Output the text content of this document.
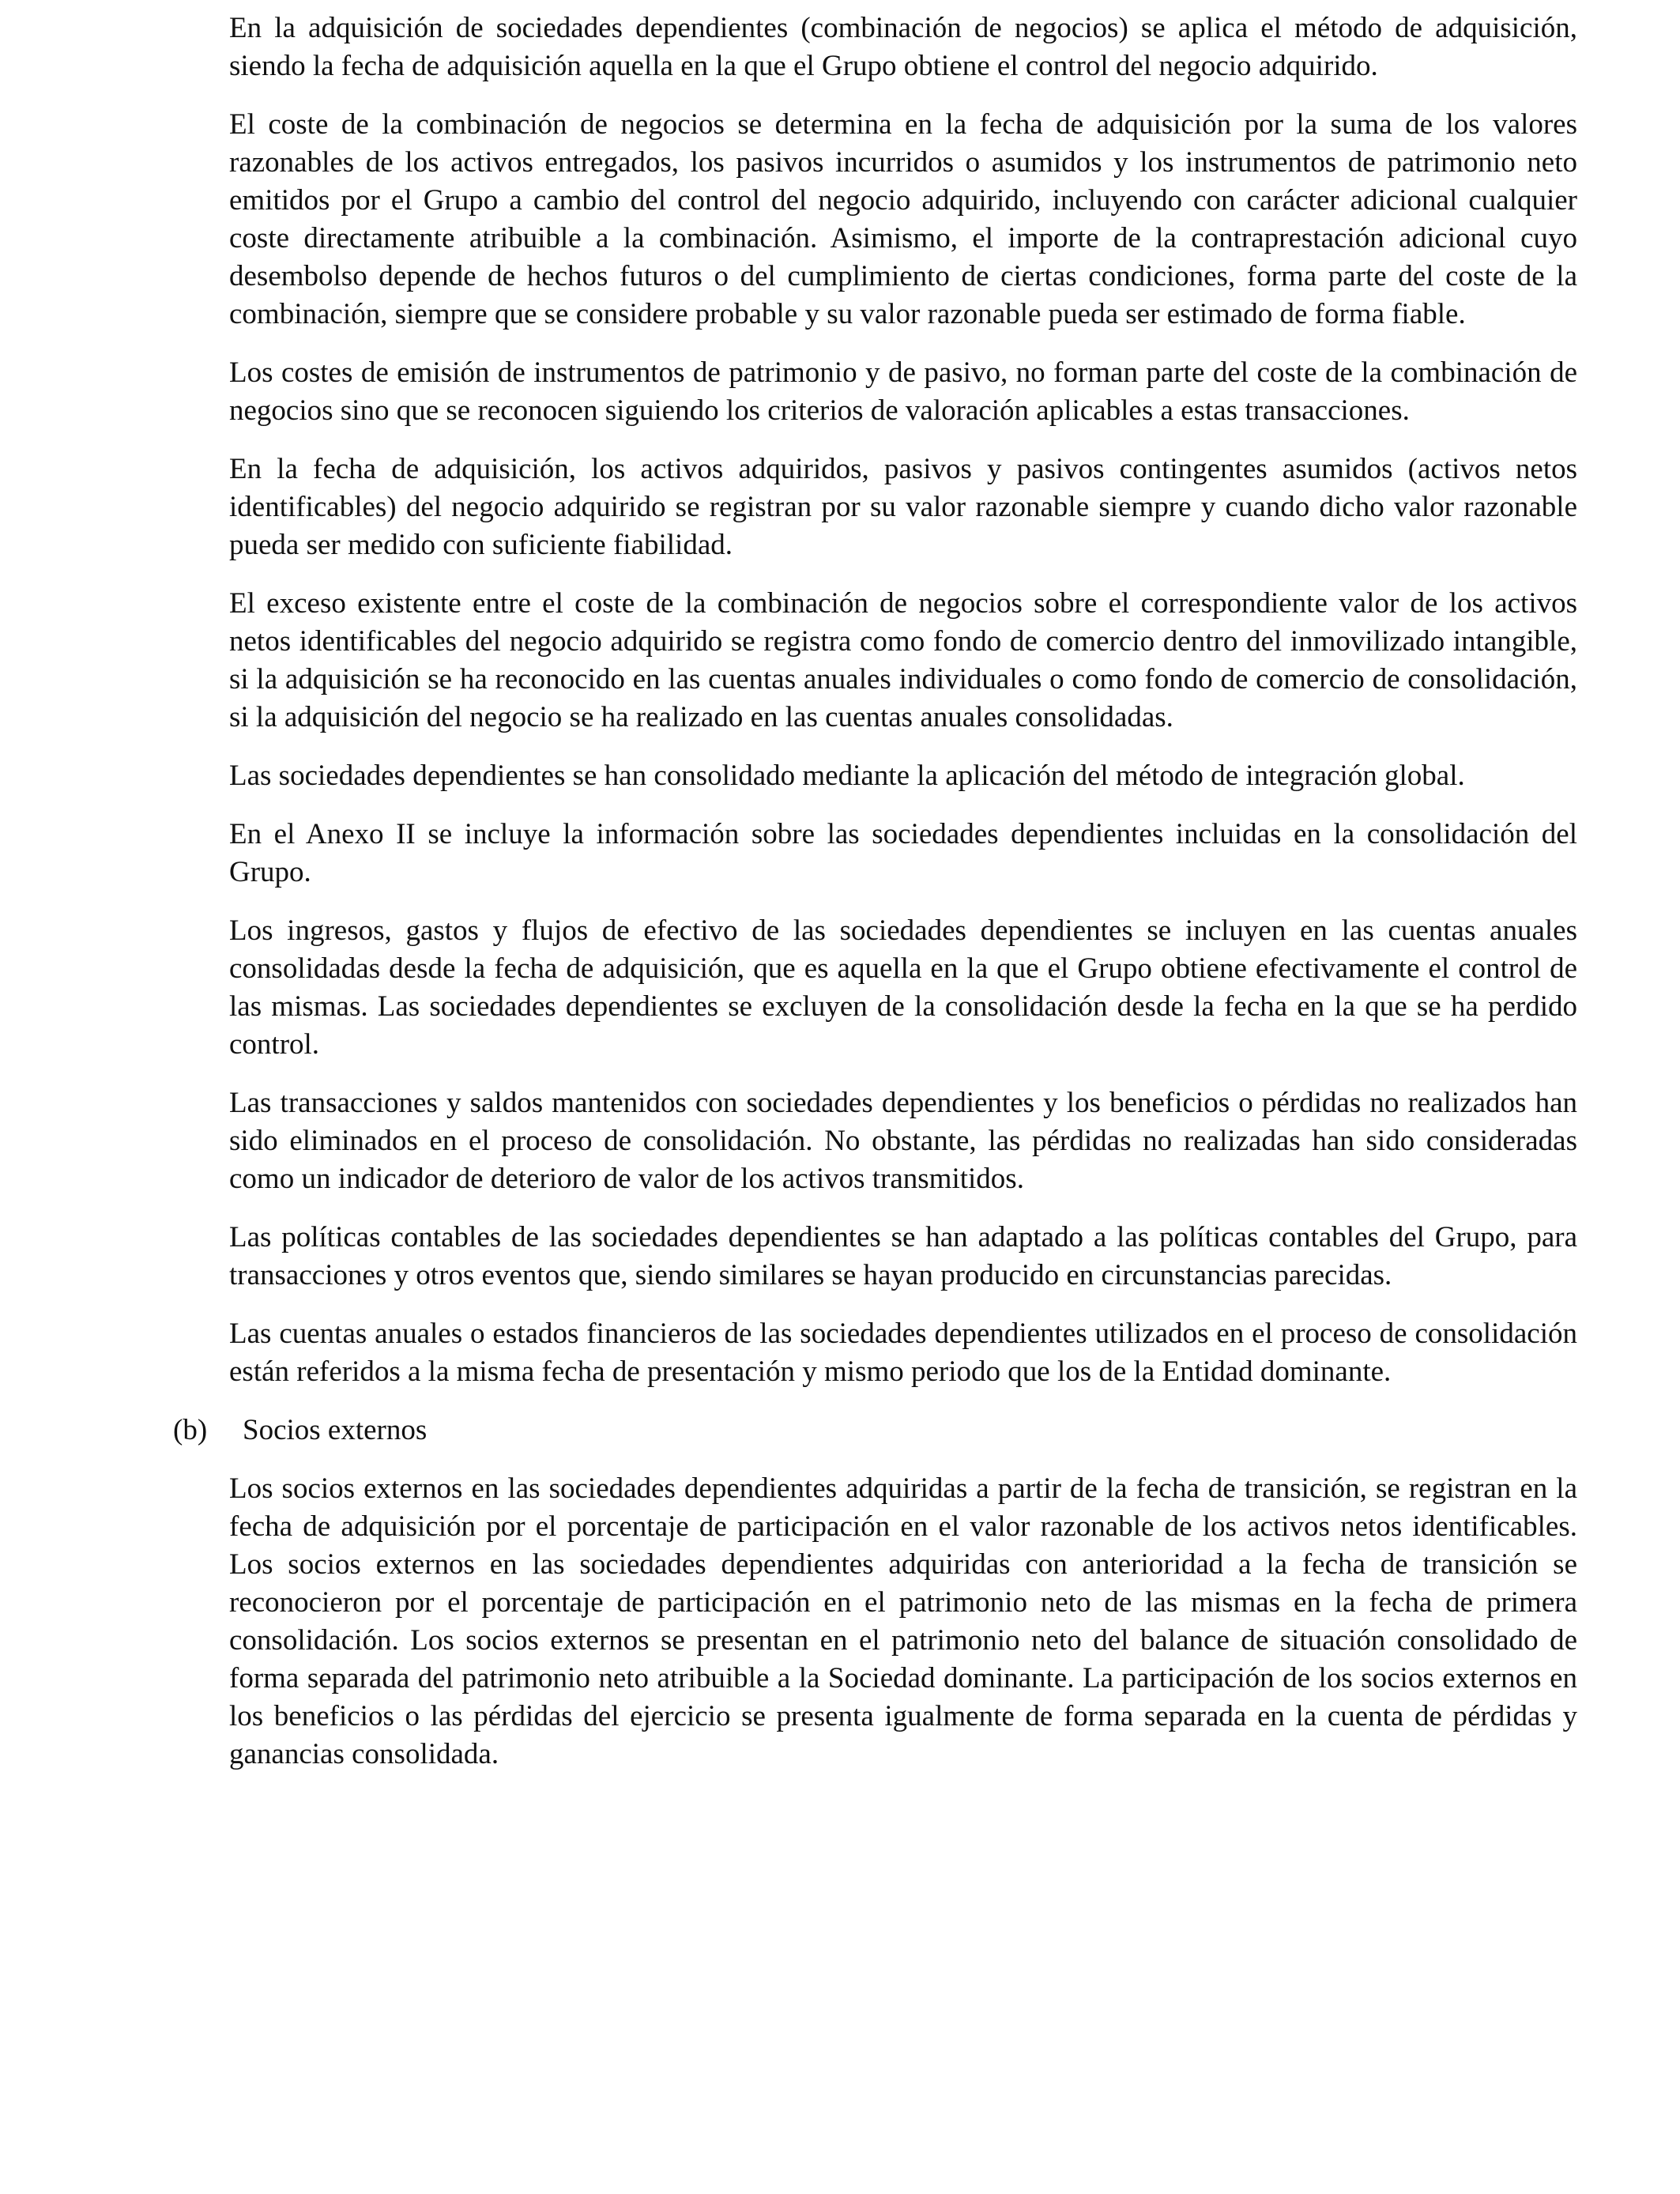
En la adquisición de sociedades dependientes (combinación de negocios) se aplica el método de adquisición, siendo la fecha de adquisición aquella en la que el Grupo obtiene el control del negocio adquirido.

El coste de la combinación de negocios se determina en la fecha de adquisición por la suma de los valores razonables de los activos entregados, los pasivos incurridos o asumidos y los instrumentos de patrimonio neto emitidos por el Grupo a cambio del control del negocio adquirido, incluyendo con carácter adicional cualquier coste directamente atribuible a la combinación. Asimismo, el importe de la contraprestación adicional cuyo desembolso depende de hechos futuros o del cumplimiento de ciertas condiciones, forma parte del coste de la combinación, siempre que se considere probable y su valor razonable pueda ser estimado de forma fiable.

Los costes de emisión de instrumentos de patrimonio y de pasivo, no forman parte del coste de la combinación de negocios sino que se reconocen siguiendo los criterios de valoración aplicables a estas transacciones.

En la fecha de adquisición, los activos adquiridos, pasivos y pasivos contingentes asumidos (activos netos identificables) del negocio adquirido se registran por su valor razonable siempre y cuando dicho valor razonable pueda ser medido con suficiente fiabilidad.

El exceso existente entre el coste de la combinación de negocios sobre el correspondiente valor de los activos netos identificables del negocio adquirido se registra como fondo de comercio dentro del inmovilizado intangible, si la adquisición se ha reconocido en las cuentas anuales individuales o como fondo de comercio de consolidación, si la adquisición del negocio se ha realizado en las cuentas anuales consolidadas.

Las sociedades dependientes se han consolidado mediante la aplicación del método de integración global.

En el Anexo II se incluye la información sobre las sociedades dependientes incluidas en la consolidación del Grupo.

Los ingresos, gastos y flujos de efectivo de las sociedades dependientes se incluyen en las cuentas anuales consolidadas desde la fecha de adquisición, que es aquella en la que el Grupo obtiene efectivamente el control de las mismas. Las sociedades dependientes se excluyen de la consolidación desde la fecha en la que se ha perdido control.

Las transacciones y saldos mantenidos con sociedades dependientes y los beneficios o pérdidas no realizados han sido eliminados en el proceso de consolidación. No obstante, las pérdidas no realizadas han sido consideradas como un indicador de deterioro de valor de los activos transmitidos.

Las políticas contables de las sociedades dependientes se han adaptado a las políticas contables del Grupo, para transacciones y otros eventos que, siendo similares se hayan producido en circunstancias parecidas.

Las cuentas anuales o estados financieros de las sociedades dependientes utilizados en el proceso de consolidación están referidos a la misma fecha de presentación y mismo periodo que los de la Entidad dominante.

(b) Socios externos

Los socios externos en las sociedades dependientes adquiridas a partir de la fecha de transición, se registran en la fecha de adquisición por el porcentaje de participación en el valor razonable de los activos netos identificables. Los socios externos en las sociedades dependientes adquiridas con anterioridad a la fecha de transición se reconocieron por el porcentaje de participación en el patrimonio neto de las mismas en la fecha de primera consolidación. Los socios externos se presentan en el patrimonio neto del balance de situación consolidado de forma separada del patrimonio neto atribuible a la Sociedad dominante. La participación de los socios externos en los beneficios o las pérdidas del ejercicio se presenta igualmente de forma separada en la cuenta de pérdidas y ganancias consolidada.
